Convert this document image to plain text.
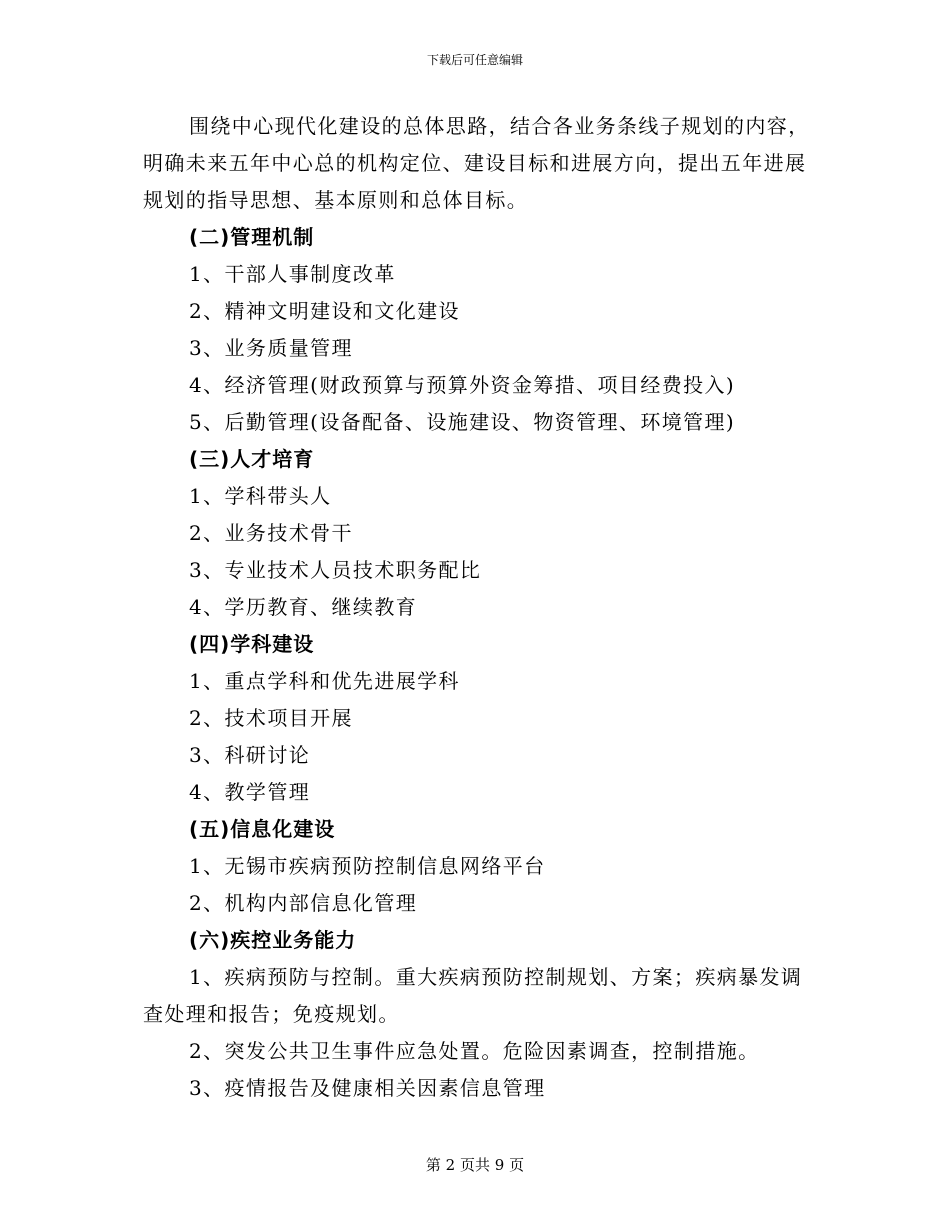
下载后可任意编辑

围绕中心现代化建设的总体思路，结合各业务条线子规划的内容，明确未来五年中心总的机构定位、建设目标和进展方向，提出五年进展规划的指导思想、基本原则和总体目标。

(二)管理机制

1、干部人事制度改革

2、精神文明建设和文化建设

3、业务质量管理

4、经济管理(财政预算与预算外资金筹措、项目经费投入)

5、后勤管理(设备配备、设施建设、物资管理、环境管理)

(三)人才培育

1、学科带头人

2、业务技术骨干

3、专业技术人员技术职务配比

4、学历教育、继续教育

(四)学科建设

1、重点学科和优先进展学科

2、技术项目开展

3、科研讨论

4、教学管理

(五)信息化建设

1、无锡市疾病预防控制信息网络平台

2、机构内部信息化管理

(六)疾控业务能力

1、疾病预防与控制。重大疾病预防控制规划、方案；疾病暴发调查处理和报告；免疫规划。

2、突发公共卫生事件应急处置。危险因素调查，控制措施。

3、疫情报告及健康相关因素信息管理

第 2 页共 9 页
